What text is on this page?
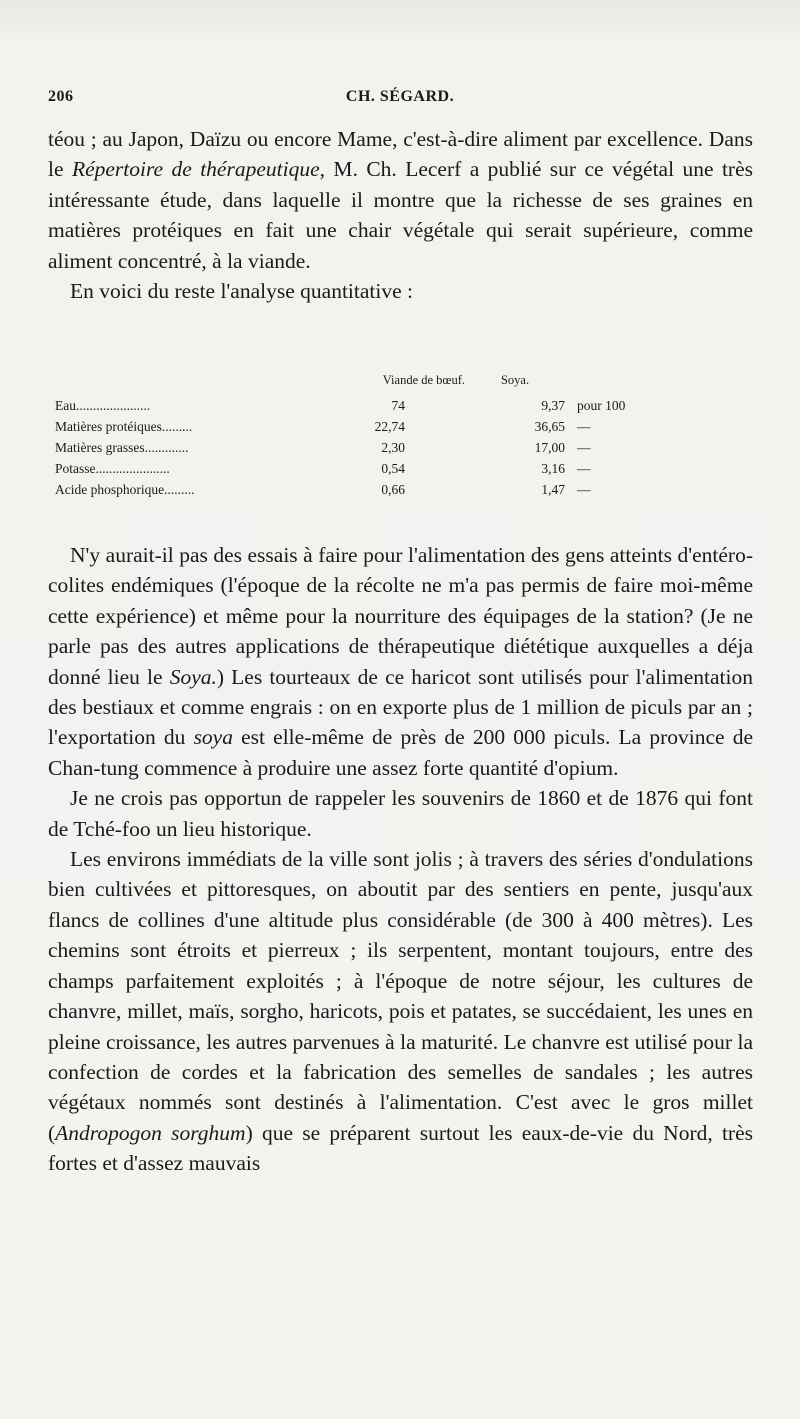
206	CH. SÉGARD.

téou ; au Japon, Daïzu ou encore Mame, c'est-à-dire aliment par excellence. Dans le Répertoire de thérapeutique, M. Ch. Lecerf a publié sur ce végétal une très intéressante étude, dans laquelle il montre que la richesse de ses graines en matières protéiques en fait une chair végétale qui serait supérieure, comme aliment concentré, à la viande.

En voici du reste l'analyse quantitative :

	Viande de bœuf.	Soya.	
Eau......................	74	9,37	pour 100
Matières protéiques.........	22,74	36,65	—
Matières grasses.............	2,30	17,00	—
Potasse......................	0,54	3,16	—
Acide phosphorique.........	0,66	1,47	—

N'y aurait-il pas des essais à faire pour l'alimentation des gens atteints d'entéro-colites endémiques (l'époque de la récolte ne m'a pas permis de faire moi-même cette expérience) et même pour la nourriture des équipages de la station? (Je ne parle pas des autres applications de thérapeutique diététique auxquelles a déja donné lieu le Soya.) Les tourteaux de ce haricot sont utilisés pour l'alimentation des bestiaux et comme engrais : on en exporte plus de 1 million de piculs par an ; l'exportation du soya est elle-même de près de 200 000 piculs. La province de Chan-tung commence à produire une assez forte quantité d'opium.

Je ne crois pas opportun de rappeler les souvenirs de 1860 et de 1876 qui font de Tché-foo un lieu historique.

Les environs immédiats de la ville sont jolis ; à travers des séries d'ondulations bien cultivées et pittoresques, on aboutit par des sentiers en pente, jusqu'aux flancs de collines d'une altitude plus considérable (de 300 à 400 mètres). Les chemins sont étroits et pierreux ; ils serpentent, montant toujours, entre des champs parfaitement exploités ; à l'époque de notre séjour, les cultures de chanvre, millet, maïs, sorgho, haricots, pois et patates, se succédaient, les unes en pleine croissance, les autres parvenues à la maturité. Le chanvre est utilisé pour la confection de cordes et la fabrication des semelles de sandales ; les autres végétaux nommés sont destinés à l'alimentation. C'est avec le gros millet (Andropogon sorghum) que se préparent surtout les eaux-de-vie du Nord, très fortes et d'assez mauvais
